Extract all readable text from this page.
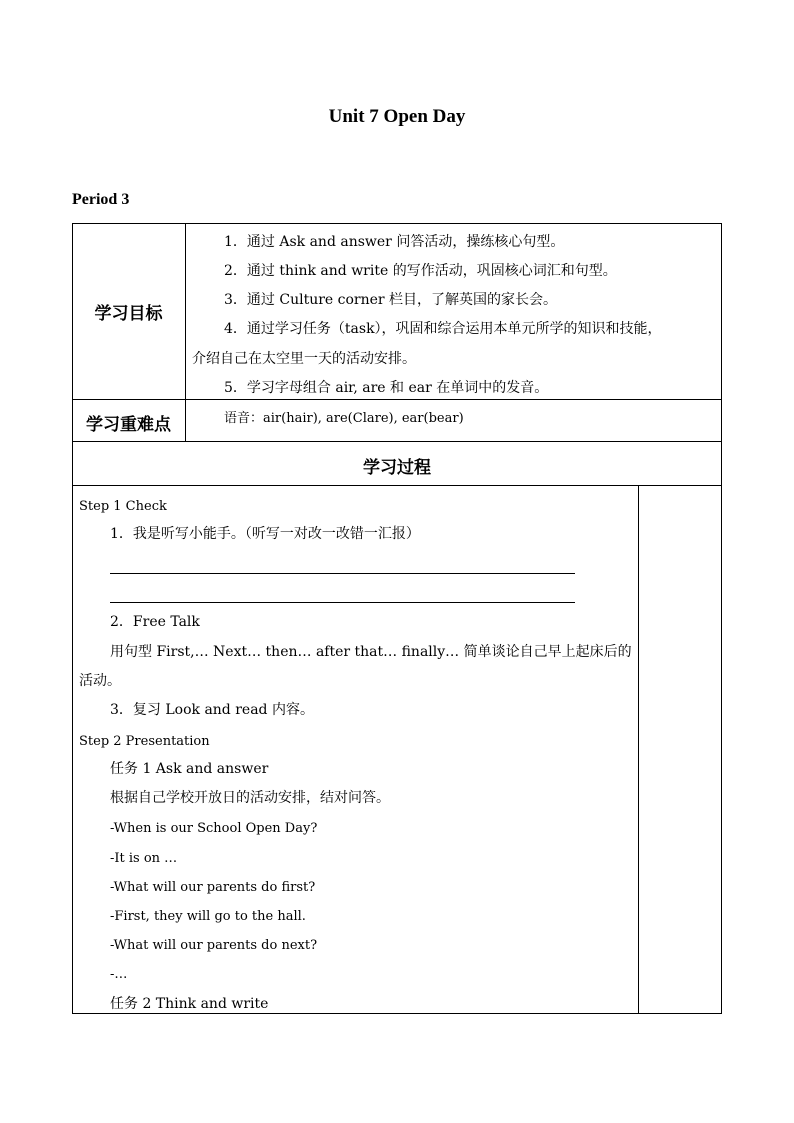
Unit 7 Open Day
Period 3
学习目标
1．通过 Ask and answer 问答活动，操练核心句型。
2．通过 think and write 的写作活动，巩固核心词汇和句型。
3．通过 Culture corner 栏目，了解英国的家长会。
4．通过学习任务（task），巩固和综合运用本单元所学的知识和技能，
介绍自己在太空里一天的活动安排。
5．学习字母组合 air, are 和 ear 在单词中的发音。
学习重难点	语音：air(hair), are(Clare), ear(bear)
学习过程
Step 1 Check
1．我是听写小能手。（听写一对改一改错一汇报）
2．Free Talk
用句型 First,… Next… then… after that… finally… 简单谈论自己早上起床后的
活动。
3．复习 Look and read 内容。
Step 2 Presentation
任务 1 Ask and answer
根据自己学校开放日的活动安排，结对问答。
-When is our School Open Day?
-It is on …
-What will our parents do first?
-First, they will go to the hall.
-What will our parents do next?
-…
任务 2 Think and write
